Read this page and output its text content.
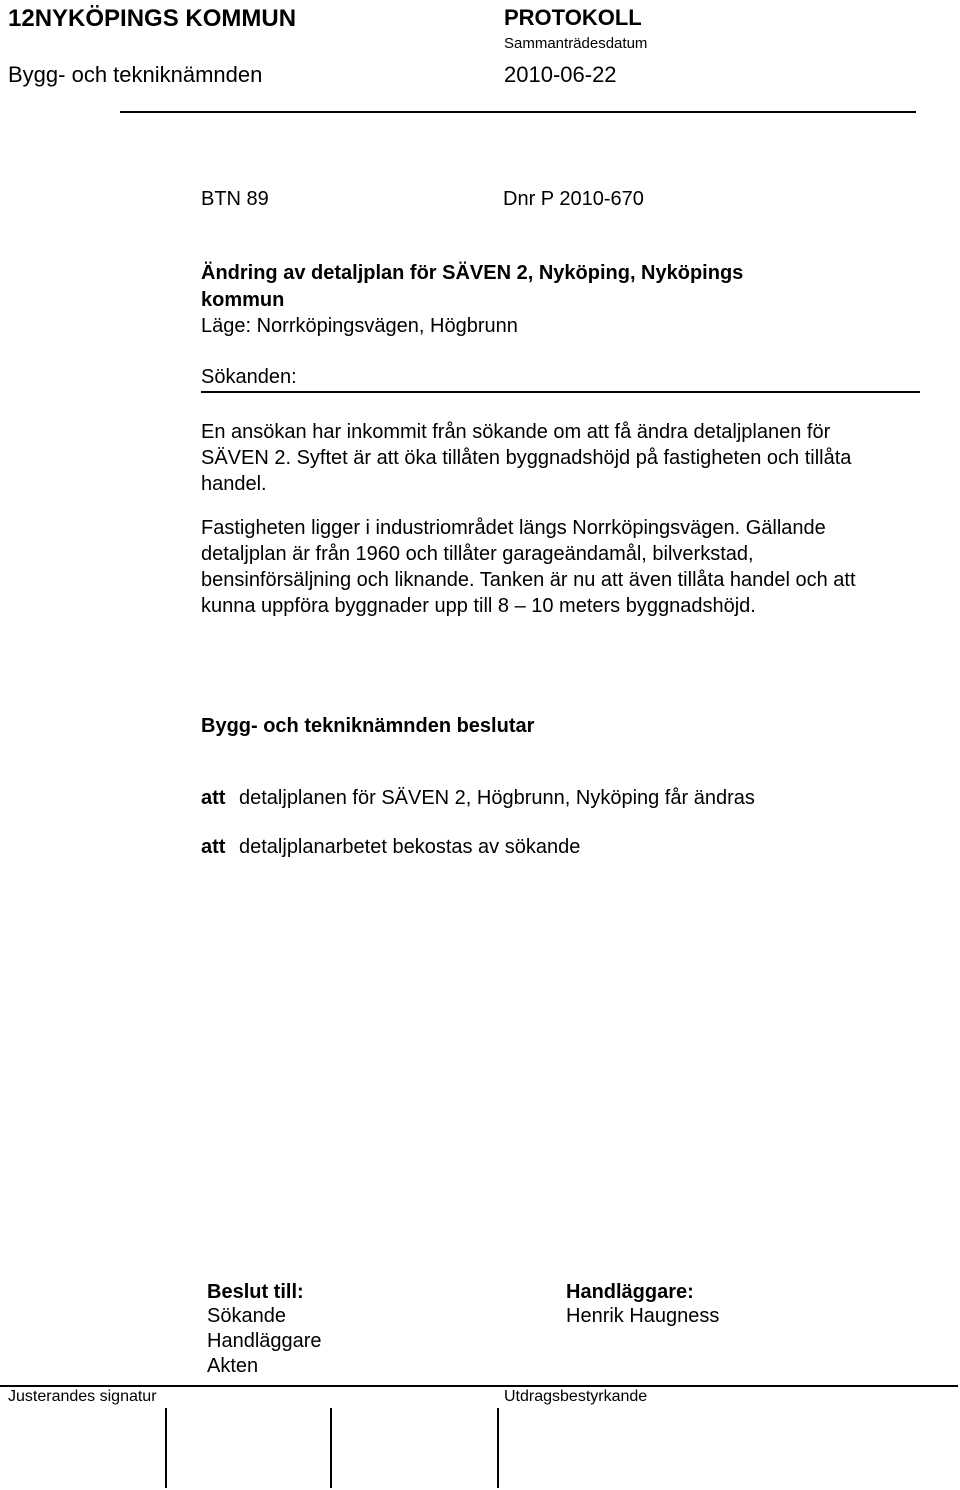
12NYKÖPINGS KOMMUN
Bygg- och tekniknämnden
PROTOKOLL
Sammanträdesdatum
2010-06-22
BTN 89	Dnr P 2010-670
Ändring av detaljplan för SÄVEN 2, Nyköping, Nyköpings
kommun
Läge: Norrköpingsvägen, Högbrunn
Sökanden:
En ansökan har inkommit från sökande om att få ändra detaljplanen för
SÄVEN 2. Syftet är att öka tillåten byggnadshöjd på fastigheten och tillåta
handel.
Fastigheten ligger i industriområdet längs Norrköpingsvägen. Gällande
detaljplan är från 1960 och tillåter garageändamål, bilverkstad,
bensinförsäljning och liknande. Tanken är nu att även tillåta handel och att
kunna uppföra byggnader upp till 8 – 10 meters byggnadshöjd.
Bygg- och tekniknämnden beslutar
att detaljplanen för SÄVEN 2, Högbrunn, Nyköping får ändras
att detaljplanarbetet bekostas av sökande
Beslut till:
Sökande
Handläggare
Akten
Handläggare:
Henrik Haugness
Justerandes signatur	Utdragsbestyrkande
